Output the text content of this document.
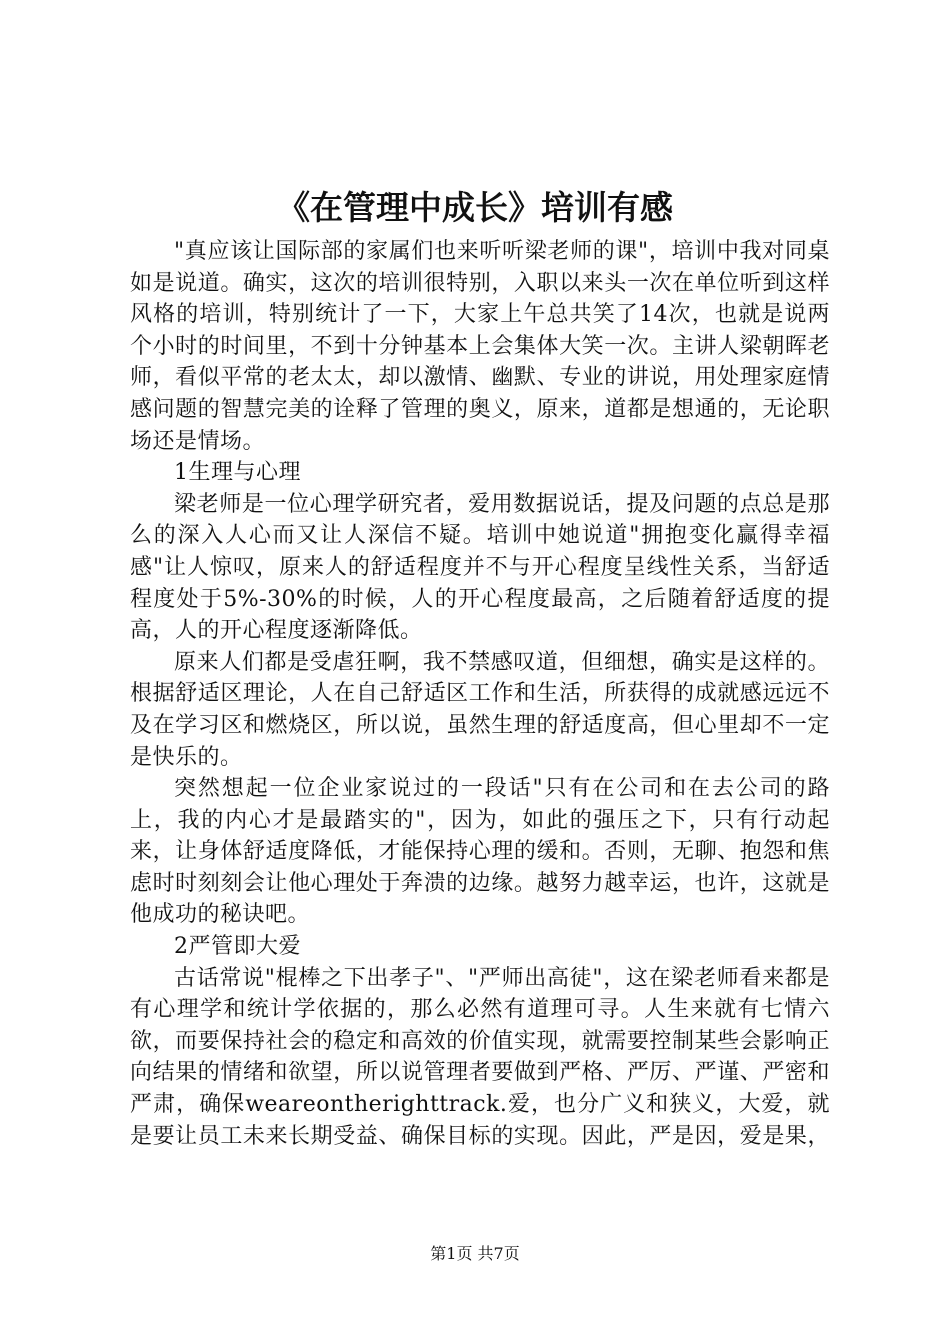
《在管理中成长》培训有感

"真应该让国际部的家属们也来听听梁老师的课"，培训中我对同桌如是说道。确实，这次的培训很特别，入职以来头一次在单位听到这样风格的培训，特别统计了一下，大家上午总共笑了14次，也就是说两个小时的时间里，不到十分钟基本上会集体大笑一次。主讲人梁朝晖老师，看似平常的老太太，却以激情、幽默、专业的讲说，用处理家庭情感问题的智慧完美的诠释了管理的奥义，原来，道都是想通的，无论职场还是情场。

1生理与心理

梁老师是一位心理学研究者，爱用数据说话，提及问题的点总是那么的深入人心而又让人深信不疑。培训中她说道"拥抱变化赢得幸福感"让人惊叹，原来人的舒适程度并不与开心程度呈线性关系，当舒适程度处于5%-30%的时候，人的开心程度最高，之后随着舒适度的提高，人的开心程度逐渐降低。

原来人们都是受虐狂啊，我不禁感叹道，但细想，确实是这样的。根据舒适区理论，人在自己舒适区工作和生活，所获得的成就感远远不及在学习区和燃烧区，所以说，虽然生理的舒适度高，但心里却不一定是快乐的。

突然想起一位企业家说过的一段话"只有在公司和在去公司的路上，我的内心才是最踏实的"，因为，如此的强压之下，只有行动起来，让身体舒适度降低，才能保持心理的缓和。否则，无聊、抱怨和焦虑时时刻刻会让他心理处于奔溃的边缘。越努力越幸运，也许，这就是他成功的秘诀吧。

2严管即大爱

古话常说"棍棒之下出孝子"、"严师出高徒"，这在梁老师看来都是有心理学和统计学依据的，那么必然有道理可寻。人生来就有七情六欲，而要保持社会的稳定和高效的价值实现，就需要控制某些会影响正向结果的情绪和欲望，所以说管理者要做到严格、严厉、严谨、严密和严肃，确保weareontherighttrack.爱，也分广义和狭义，大爱，就是要让员工未来长期受益、确保目标的实现。因此，严是因，爱是果，

第1页 共7页
